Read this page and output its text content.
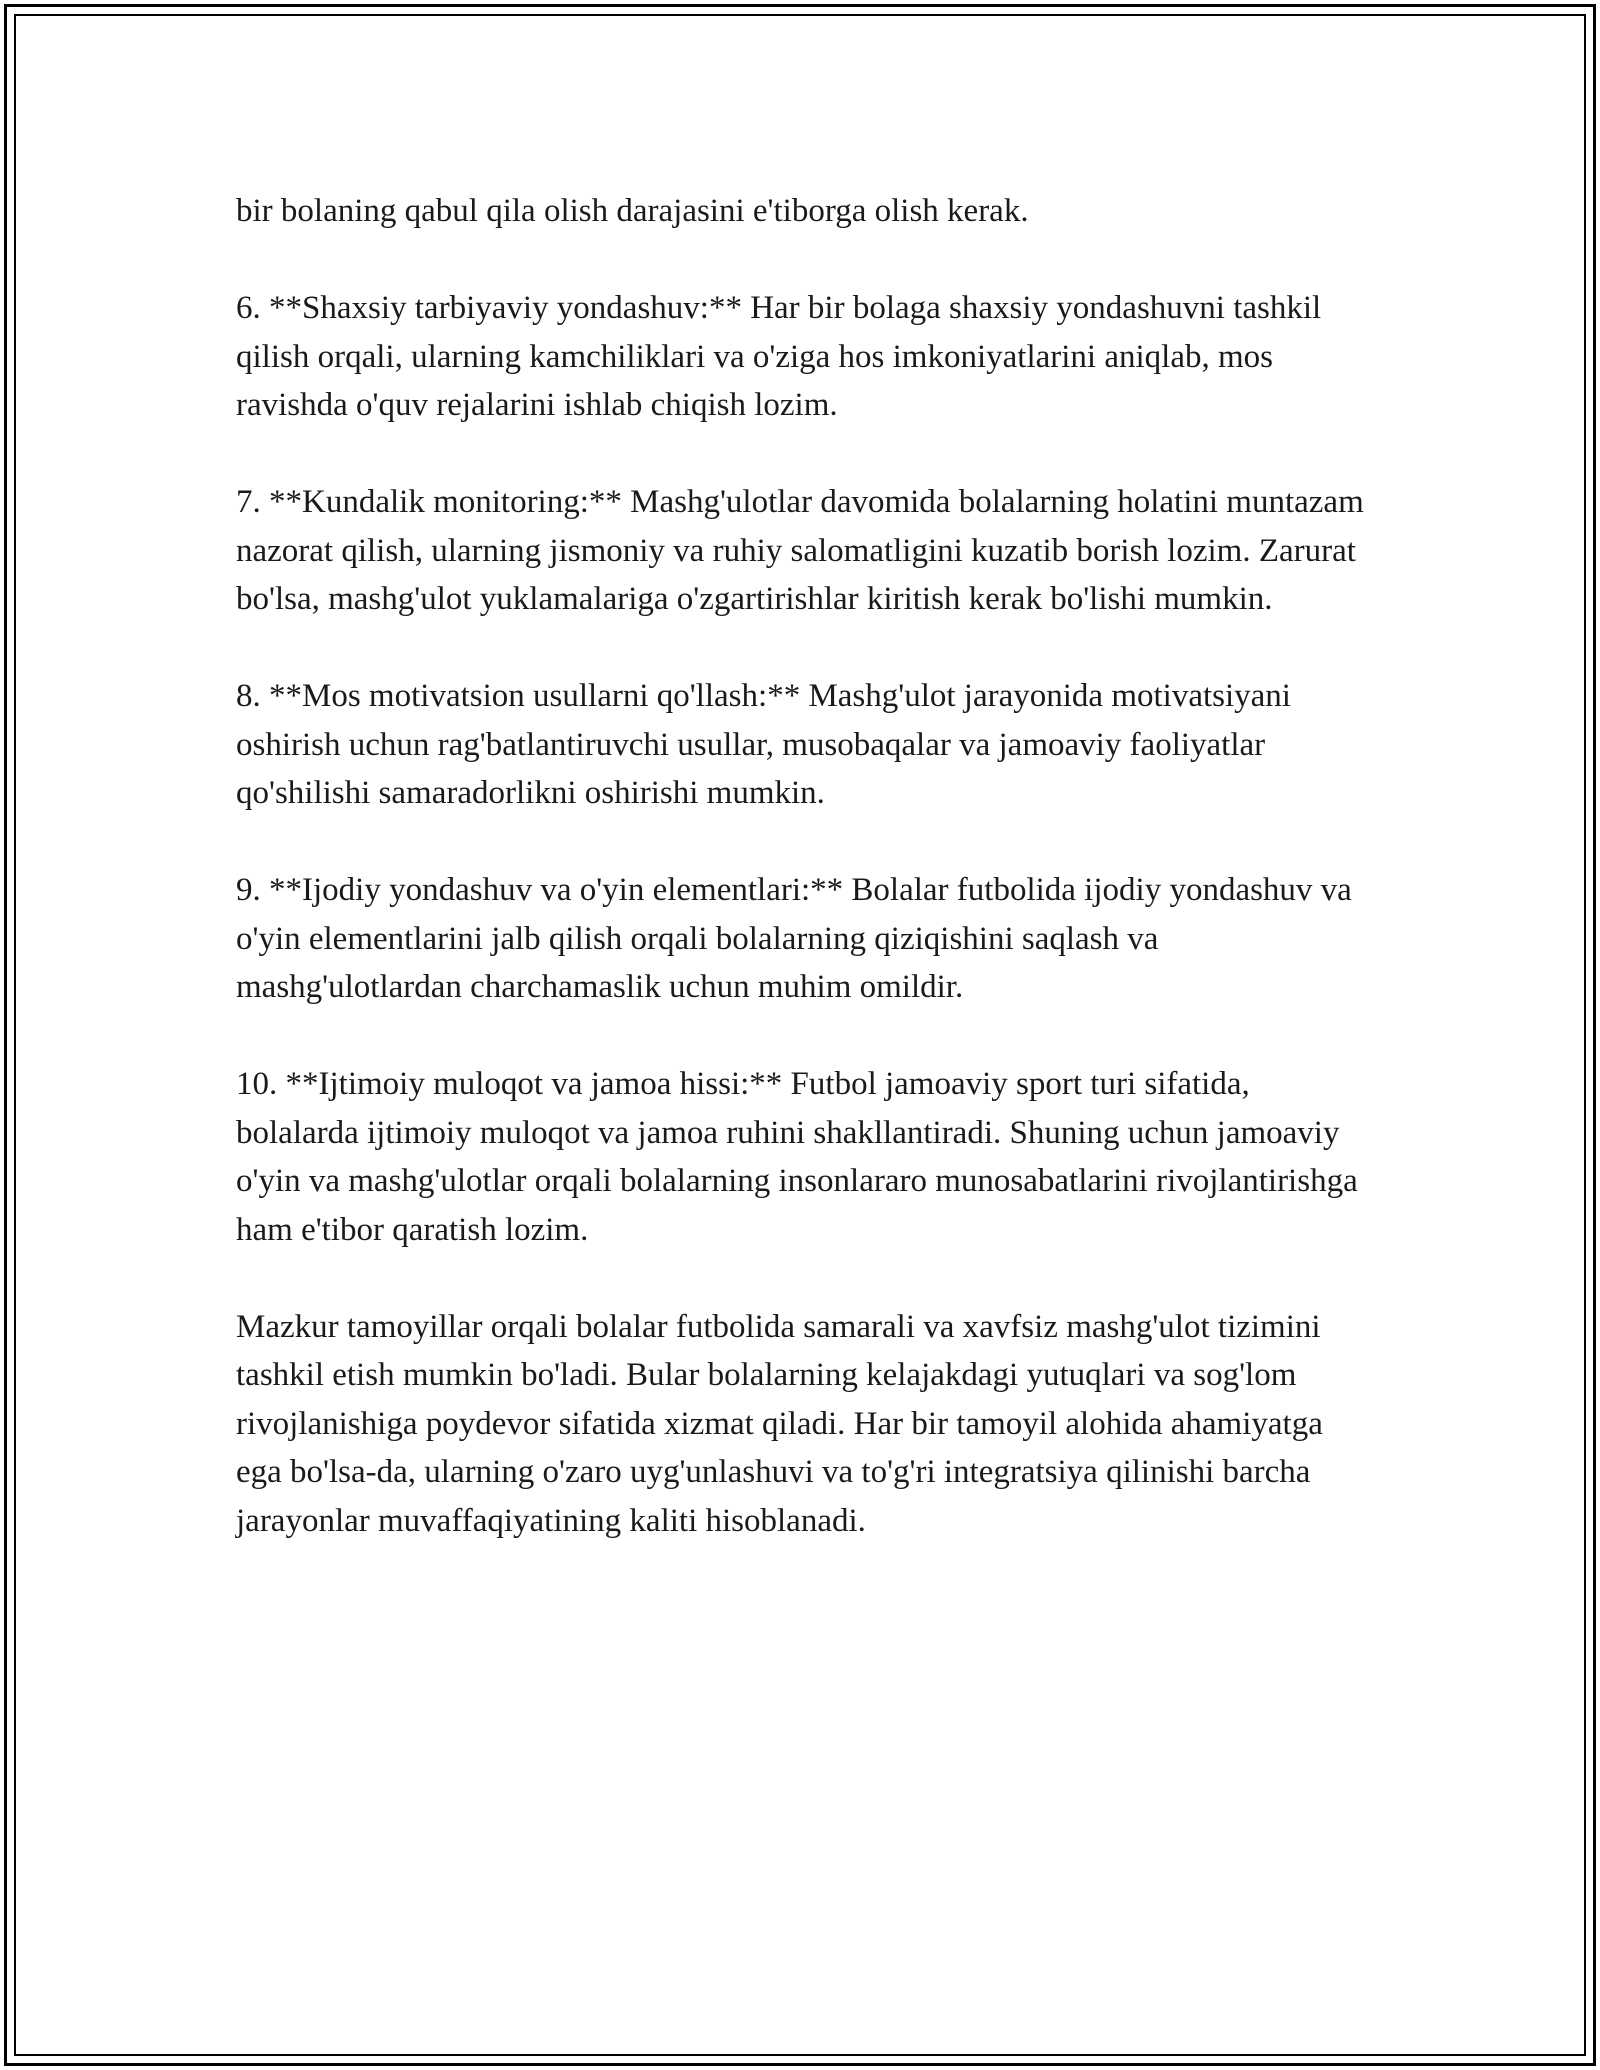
bir bolaning qabul qila olish darajasini e'tiborga olish kerak.

6. **Shaxsiy tarbiyaviy yondashuv:** Har bir bolaga shaxsiy yondashuvni tashkil qilish orqali, ularning kamchiliklari va o'ziga hos imkoniyatlarini aniqlab, mos ravishda o'quv rejalarini ishlab chiqish lozim.

7. **Kundalik monitoring:** Mashg'ulotlar davomida bolalarning holatini muntazam nazorat qilish, ularning jismoniy va ruhiy salomatligini kuzatib borish lozim. Zarurat bo'lsa, mashg'ulot yuklamalariga o'zgartirishlar kiritish kerak bo'lishi mumkin.

8. **Mos motivatsion usullarni qo'llash:** Mashg'ulot jarayonida motivatsiyani oshirish uchun rag'batlantiruvchi usullar, musobaqalar va jamoaviy faoliyatlar qo'shilishi samaradorlikni oshirishi mumkin.

9. **Ijodiy yondashuv va o'yin elementlari:** Bolalar futbolida ijodiy yondashuv va o'yin elementlarini jalb qilish orqali bolalarning qiziqishini saqlash va mashg'ulotlardan charchamaslik uchun muhim omildir.

10. **Ijtimoiy muloqot va jamoa hissi:** Futbol jamoaviy sport turi sifatida, bolalarda ijtimoiy muloqot va jamoa ruhini shakllantiradi. Shuning uchun jamoaviy o'yin va mashg'ulotlar orqali bolalarning insonlararo munosabatlarini rivojlantirishga ham e'tibor qaratish lozim.

Mazkur tamoyillar orqali bolalar futbolida samarali va xavfsiz mashg'ulot tizimini tashkil etish mumkin bo'ladi. Bular bolalarning kelajakdagi yutuqlari va sog'lom rivojlanishiga poydevor sifatida xizmat qiladi. Har bir tamoyil alohida ahamiyatga ega bo'lsa-da, ularning o'zaro uyg'unlashuvi va to'g'ri integratsiya qilinishi barcha jarayonlar muvaffaqiyatining kaliti hisoblanadi.
